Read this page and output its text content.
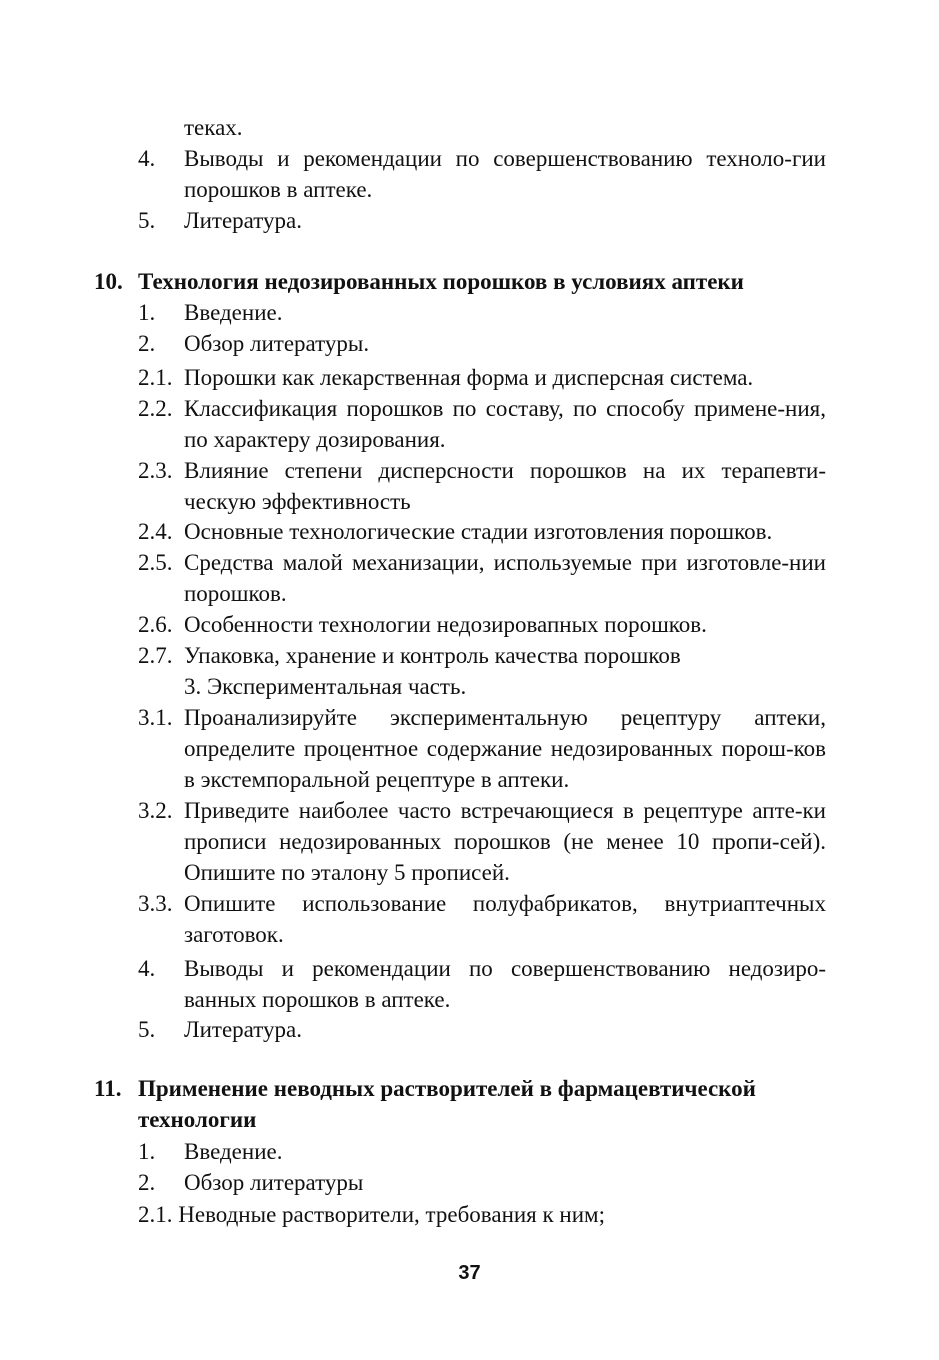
теках.
4. Выводы и рекомендации по совершенствованию техноло-гии порошков в аптеке.
5. Литература.
10. Технология недозированных порошков в условиях аптеки
1. Введение.
2. Обзор литературы.
2.1. Порошки как лекарственная форма и дисперсная система.
2.2. Классификация порошков по составу, по способу примене-ния, по характеру дозирования.
2.3. Влияние степени дисперсности порошков на их терапевти-ческую эффективность
2.4. Основные технологические стадии изготовления порошков.
2.5. Средства малой механизации, используемые при изготовле-нии порошков.
2.6. Особенности технологии недозировапных порошков.
2.7. Упаковка, хранение и контроль качества порошков
3. Экспериментальная часть.
3.1. Проанализируйте экспериментальную рецептуру аптеки, определите процентное содержание недозированных порош-ков в экстемпоральной рецептуре в аптеки.
3.2. Приведите наиболее часто встречающиеся в рецептуре апте-ки прописи недозированных порошков (не менее 10 пропи-сей). Опишите по эталону 5 прописей.
3.3. Опишите использование полуфабрикатов, внутриаптечных заготовок.
4. Выводы и рекомендации по совершенствованию недозиро-ванных порошков в аптеке.
5. Литература.
11. Применение неводных растворителей в фармацевтической технологии
1. Введение.
2. Обзор литературы
2.1. Неводные растворители, требования к ним;
37
